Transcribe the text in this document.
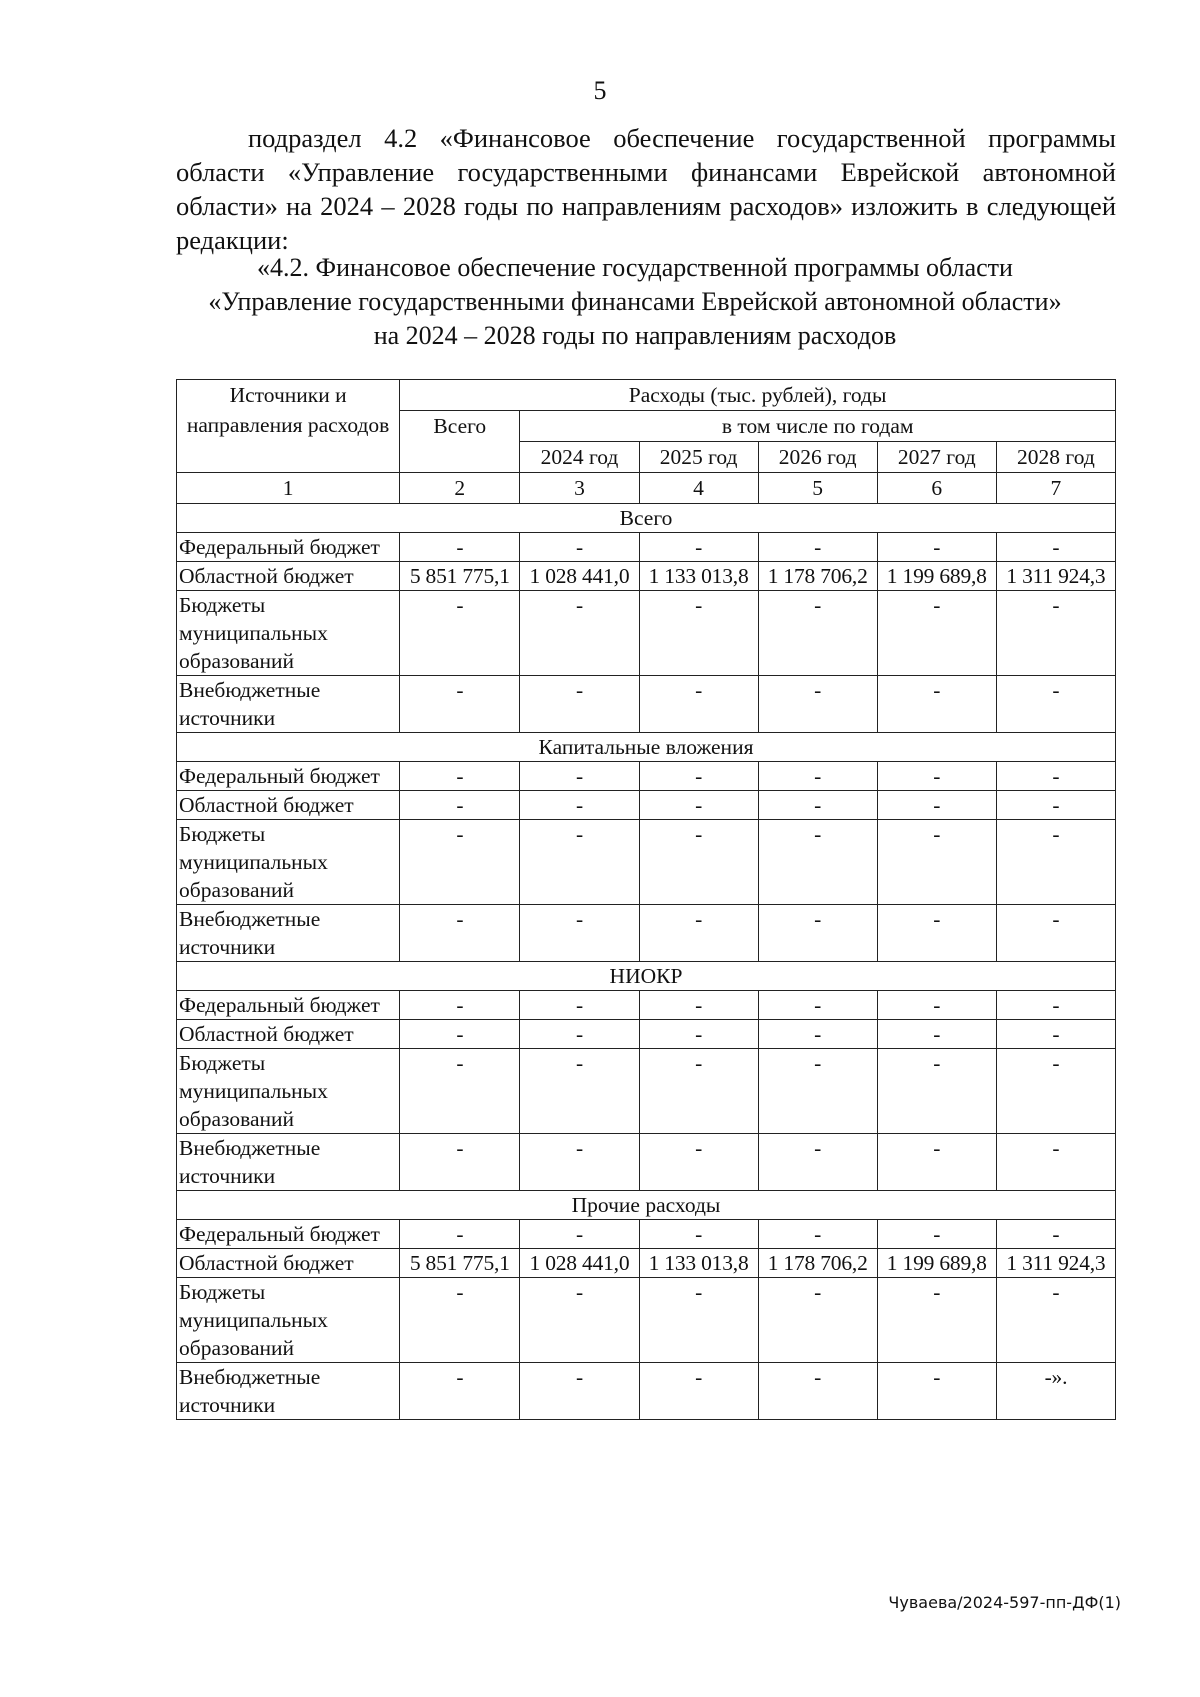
5

подраздел 4.2 «Финансовое обеспечение государственной программы области «Управление государственными финансами Еврейской автономной области» на 2024 – 2028 годы по направлениям расходов» изложить в следующей редакции:

«4.2. Финансовое обеспечение государственной программы области
«Управление государственными финансами Еврейской автономной области»
на 2024 – 2028 годы по направлениям расходов
Источники и направления расходов	Расходы (тыс. рублей), годы					
	Всего	в том числе по годам				
		2024 год	2025 год	2026 год	2027 год	2028 год
1	2	3	4	5	6	7
Всего						
Федеральный бюджет	-	-	-	-	-	-
Областной бюджет	5 851 775,1	1 028 441,0	1 133 013,8	1 178 706,2	1 199 689,8	1 311 924,3
Бюджеты муниципальных образований	-	-	-	-	-	-
Внебюджетные источники	-	-	-	-	-	-
Капитальные вложения						
Федеральный бюджет	-	-	-	-	-	-
Областной бюджет	-	-	-	-	-	-
Бюджеты муниципальных образований	-	-	-	-	-	-
Внебюджетные источники	-	-	-	-	-	-
НИОКР						
Федеральный бюджет	-	-	-	-	-	-
Областной бюджет	-	-	-	-	-	-
Бюджеты муниципальных образований	-	-	-	-	-	-
Внебюджетные источники	-	-	-	-	-	-
Прочие расходы						
Федеральный бюджет	-	-	-	-	-	-
Областной бюджет	5 851 775,1	1 028 441,0	1 133 013,8	1 178 706,2	1 199 689,8	1 311 924,3
Бюджеты муниципальных образований	-	-	-	-	-	-
Внебюджетные источники	-	-	-	-	-	-».
Чуваева/2024-597-пп-ДФ(1)
